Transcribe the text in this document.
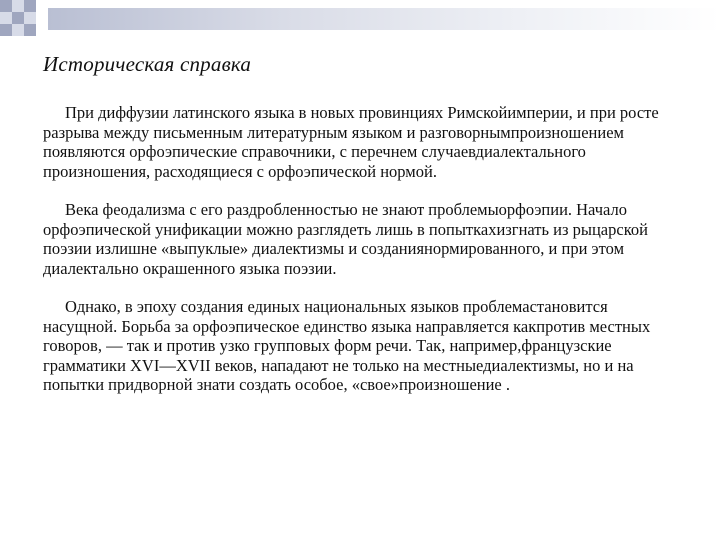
Историческая справка

При диффузии латинского языка в новых провинциях Римскойимперии, и при росте разрыва между письменным литературным языком и разговорнымпроизношением появляются орфоэпические справочники, с перечнем случаевдиалектального произношения, расходящиеся с орфоэпической нормой.

Века феодализма с его раздробленностью не знают проблемыорфоэпии. Начало орфоэпической унификации можно разглядеть лишь в попыткахизгнать из рыцарской поэзии излишне «выпуклые» диалектизмы и созданиянормированного, и при этом диалектально окрашенного языка поэзии.

Однако, в эпоху создания единых национальных языков проблемастановится насущной. Борьба за орфоэпическое единство языка направляется какпротив местных говоров, — так и против узко групповых форм речи. Так, например,французские грамматики XVI—XVII веков, нападают не только на местныедиалектизмы, но и на попытки придворной знати создать особое, «свое»произношение .
